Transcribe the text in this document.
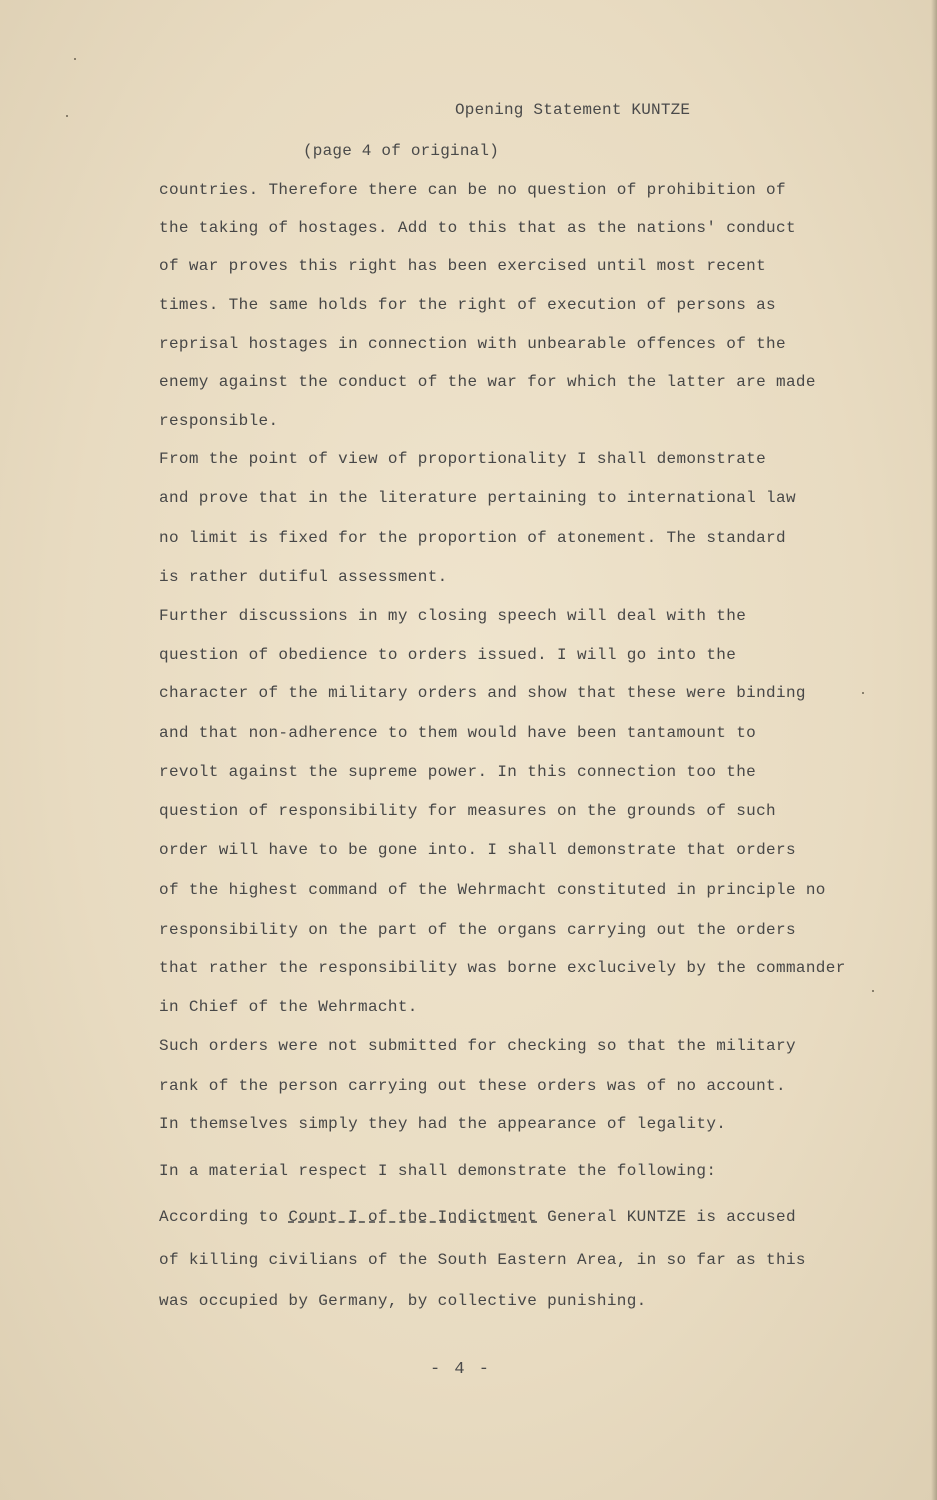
Opening Statement KUNTZE
(page 4 of original)
countries. Therefore there can be no question of prohibition of
the taking of hostages. Add to this that as the nations' conduct
of war proves this right has been exercised until most recent
times. The same holds for the right of execution of persons as
reprisal hostages in connection with unbearable offences of the
enemy against the conduct of the war for which the latter are made
responsible.
From the point of view of proportionality I shall demonstrate
and prove that in the literature pertaining to international law
no limit is fixed for the proportion of atonement. The standard
is rather dutiful assessment.
Further discussions in my closing speech will deal with the
question of obedience to orders issued. I will go into the
character of the military orders and show that these were binding
and that non-adherence to them would have been tantamount to
revolt against the supreme power. In this connection too the
question of responsibility for measures on the grounds of such
order will have to be gone into. I shall demonstrate that orders
of the highest command of the Wehrmacht constituted in principle no
responsibility on the part of the organs carrying out the orders
that rather the responsibility was borne exclucively by the commander
in Chief of the Wehrmacht.
Such orders were not submitted for checking so that the military
rank of the person carrying out these orders was of no account.
In themselves simply they had the appearance of legality.
In a material respect I shall demonstrate the following:
According to Count I of the Indictment General KUNTZE is accused
of killing civilians of the South Eastern Area, in so far as this
was occupied by Germany, by collective punishing.
- 4 -
